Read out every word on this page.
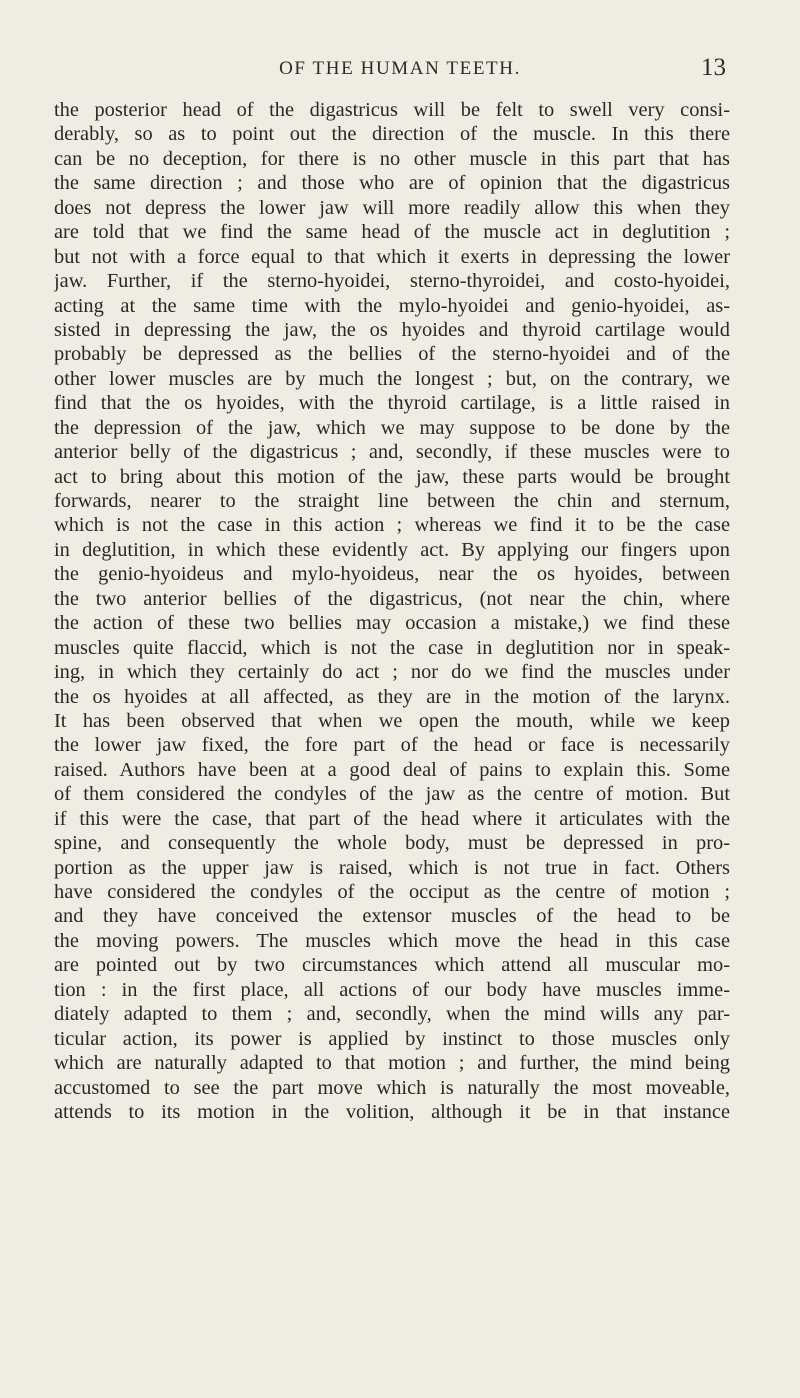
OF THE HUMAN TEETH.	13
the posterior head of the digastricus will be felt to swell very consi-
derably, so as to point out the direction of the muscle. In this there
can be no deception, for there is no other muscle in this part that has
the same direction ; and those who are of opinion that the digastricus
does not depress the lower jaw will more readily allow this when they
are told that we find the same head of the muscle act in deglutition ;
but not with a force equal to that which it exerts in depressing the lower
jaw. Further, if the sterno-hyoidei, sterno-thyroidei, and costo-hyoidei,
acting at the same time with the mylo-hyoidei and genio-hyoidei, as-
sisted in depressing the jaw, the os hyoides and thyroid cartilage would
probably be depressed as the bellies of the sterno-hyoidei and of the
other lower muscles are by much the longest ; but, on the contrary, we
find that the os hyoides, with the thyroid cartilage, is a little raised in
the depression of the jaw, which we may suppose to be done by the
anterior belly of the digastricus ; and, secondly, if these muscles were to
act to bring about this motion of the jaw, these parts would be brought
forwards, nearer to the straight line between the chin and sternum,
which is not the case in this action ; whereas we find it to be the case
in deglutition, in which these evidently act. By applying our fingers upon
the genio-hyoideus and mylo-hyoideus, near the os hyoides, between
the two anterior bellies of the digastricus, (not near the chin, where
the action of these two bellies may occasion a mistake,) we find these
muscles quite flaccid, which is not the case in deglutition nor in speak-
ing, in which they certainly do act ; nor do we find the muscles under
the os hyoides at all affected, as they are in the motion of the larynx.
It has been observed that when we open the mouth, while we keep
the lower jaw fixed, the fore part of the head or face is necessarily
raised. Authors have been at a good deal of pains to explain this. Some
of them considered the condyles of the jaw as the centre of motion. But
if this were the case, that part of the head where it articulates with the
spine, and consequently the whole body, must be depressed in pro-
portion as the upper jaw is raised, which is not true in fact. Others
have considered the condyles of the occiput as the centre of motion ;
and they have conceived the extensor muscles of the head to be
the moving powers. The muscles which move the head in this case
are pointed out by two circumstances which attend all muscular mo-
tion : in the first place, all actions of our body have muscles imme-
diately adapted to them ; and, secondly, when the mind wills any par-
ticular action, its power is applied by instinct to those muscles only
which are naturally adapted to that motion ; and further, the mind being
accustomed to see the part move which is naturally the most moveable,
attends to its motion in the volition, although it be in that instance
